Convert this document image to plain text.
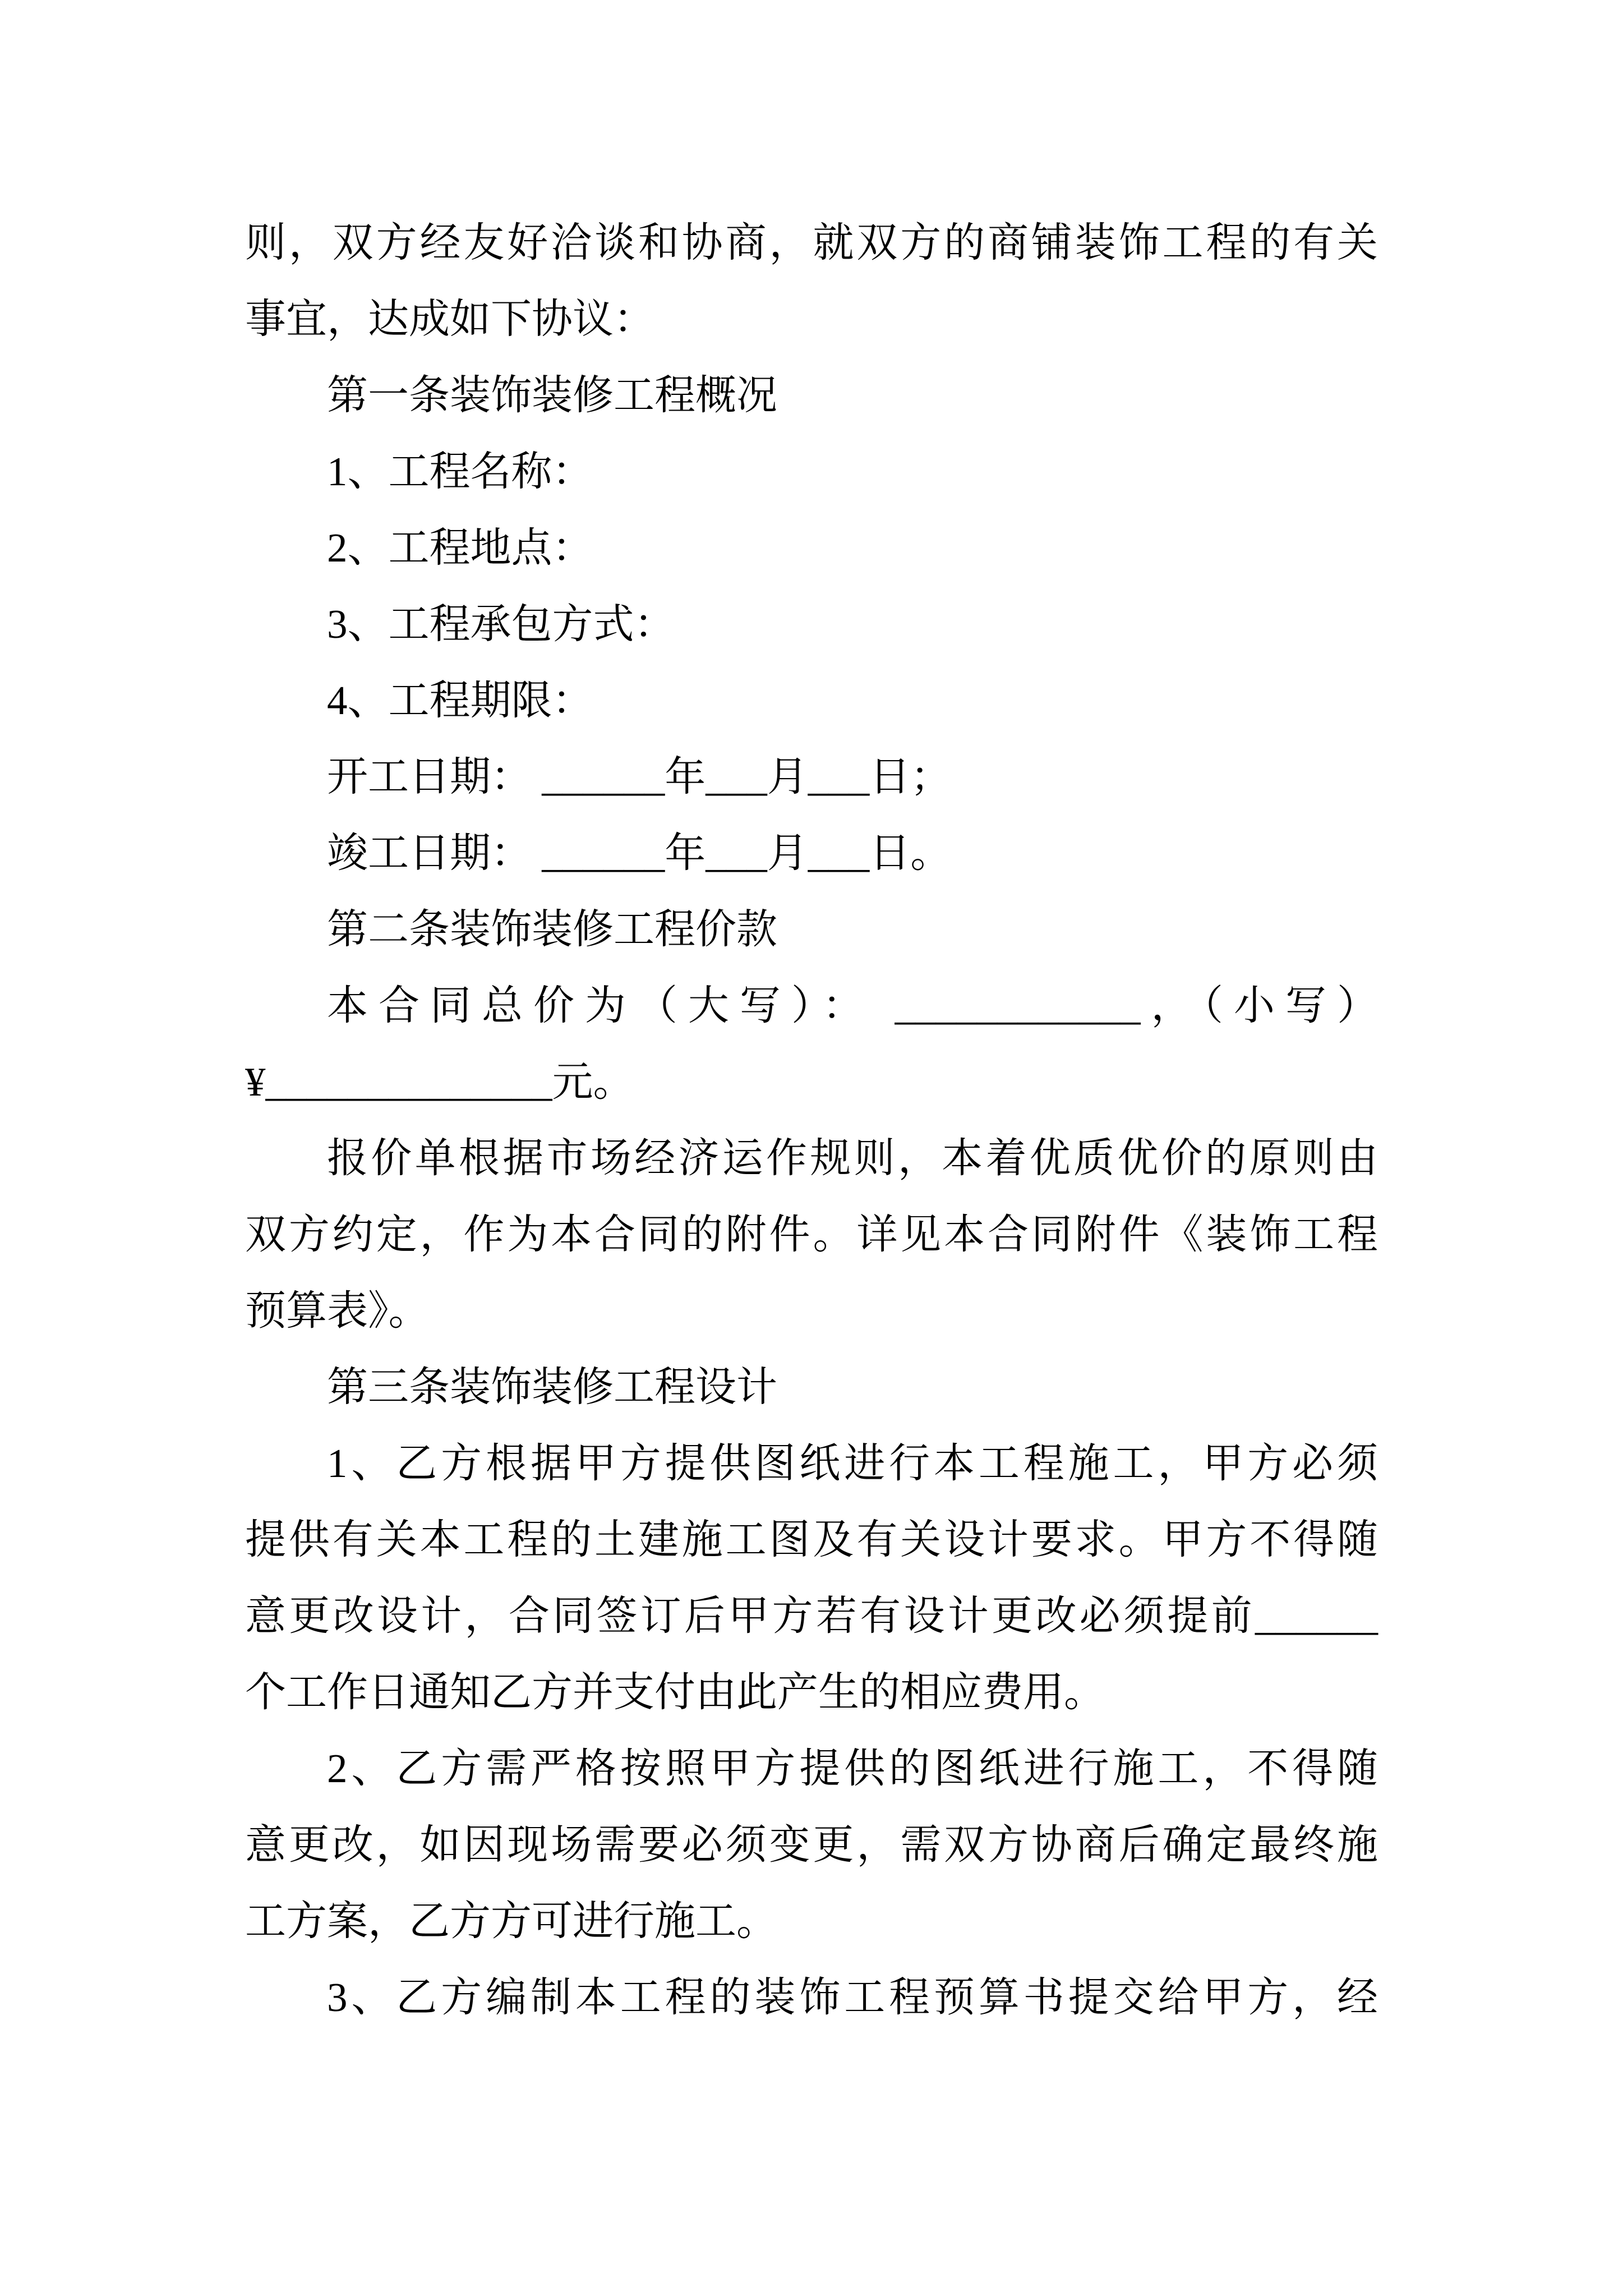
则，双方经友好洽谈和协商，就双方的商铺装饰工程的有关
事宜，达成如下协议：
第一条装饰装修工程概况
1、工程名称：
2、工程地点：
3、工程承包方式：
4、工程期限：
开工日期： ______年___月___日；
竣工日期： ______年___月___日。
第二条装饰装修工程价款
本合同总价为（大写）： ____________，（小写）
¥______________元。
报价单根据市场经济运作规则，本着优质优价的原则由
双方约定，作为本合同的附件。详见本合同附件《装饰工程
预算表》。
第三条装饰装修工程设计
1、乙方根据甲方提供图纸进行本工程施工，甲方必须
提供有关本工程的土建施工图及有关设计要求。甲方不得随
意更改设计，合同签订后甲方若有设计更改必须提前______
个工作日通知乙方并支付由此产生的相应费用。
2、乙方需严格按照甲方提供的图纸进行施工，不得随
意更改，如因现场需要必须变更，需双方协商后确定最终施
工方案，乙方方可进行施工。
3、乙方编制本工程的装饰工程预算书提交给甲方，经
